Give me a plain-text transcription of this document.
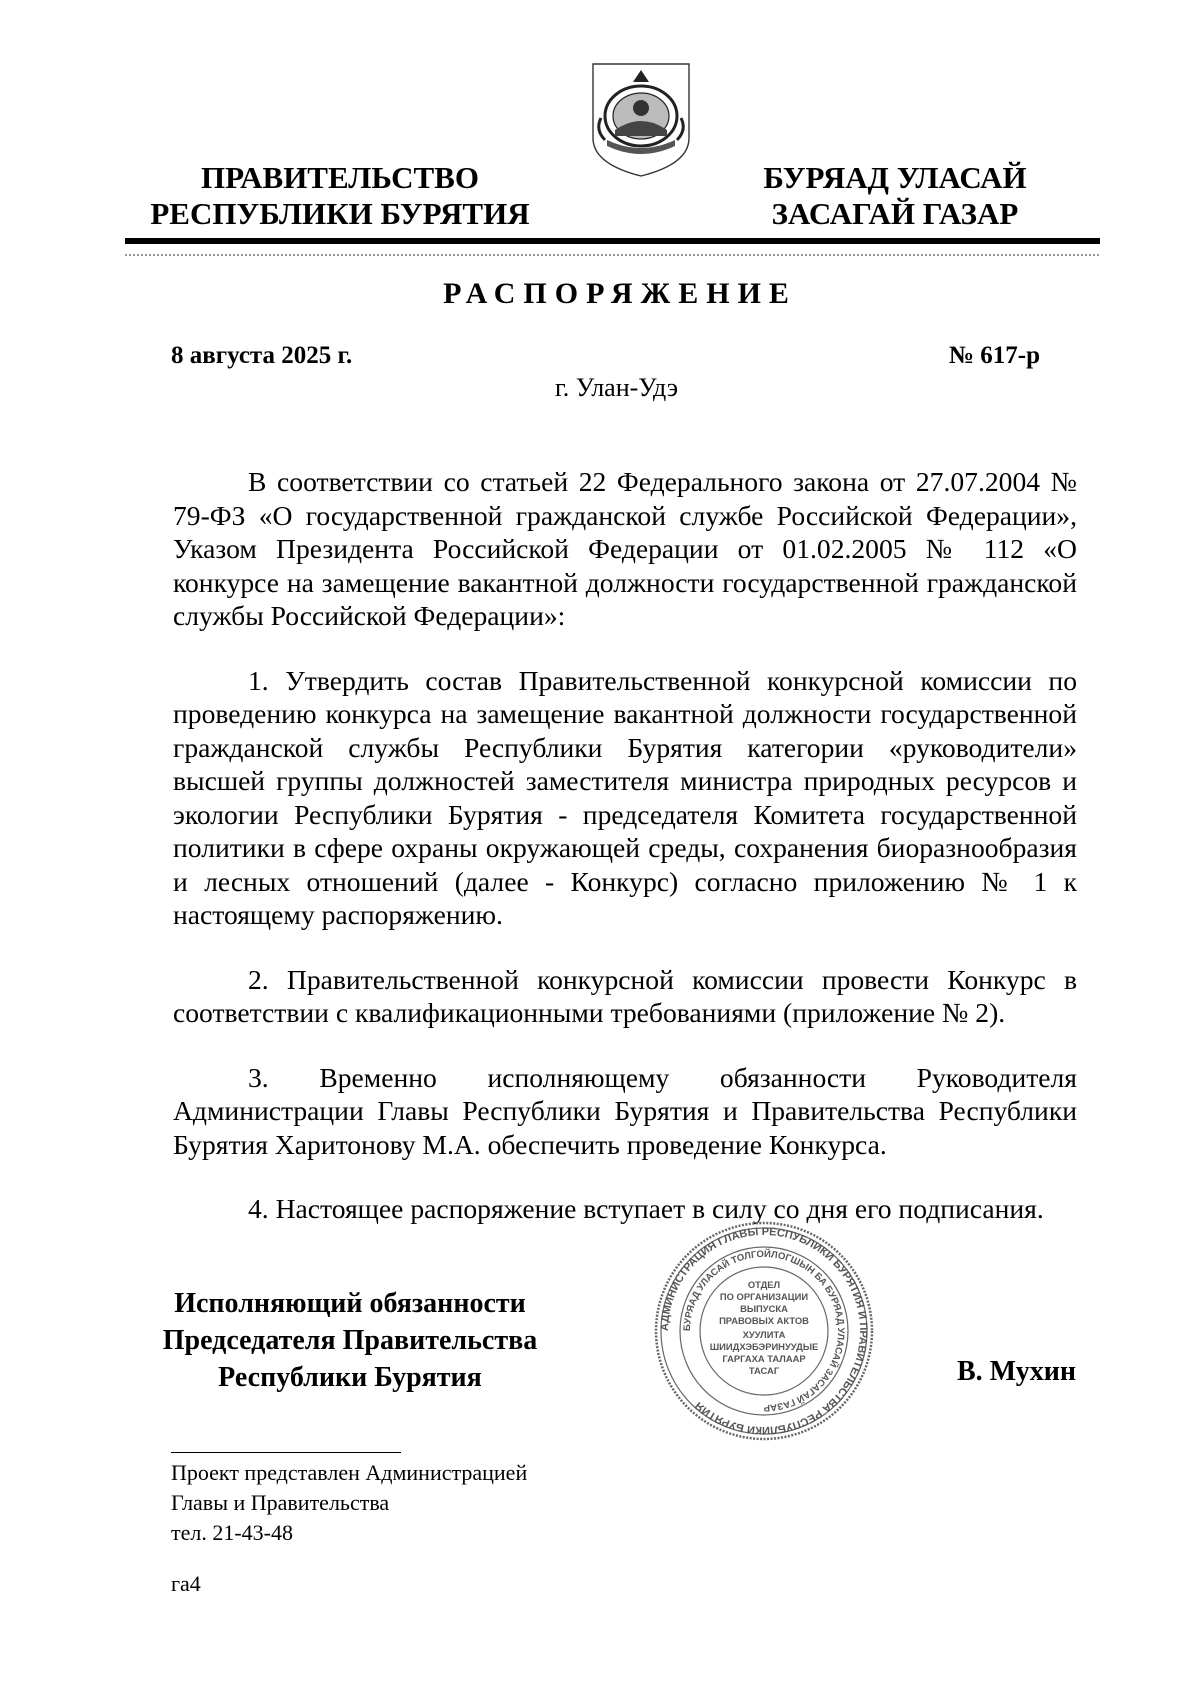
ПРАВИТЕЛЬСТВО
РЕСПУБЛИКИ БУРЯТИЯ
БУРЯАД УЛАСАЙ
ЗАСАГАЙ ГАЗАР
РАСПОРЯЖЕНИЕ
8 августа 2025 г.	№ 617-р
г. Улан-Удэ

В соответствии со статьей 22 Федерального закона от 27.07.2004 № 79-ФЗ «О государственной гражданской службе Российской Федерации», Указом Президента Российской Федерации от 01.02.2005 № 112 «О конкурсе на замещение вакантной должности государственной гражданской службы Российской Федерации»:

1. Утвердить состав Правительственной конкурсной комиссии по проведению конкурса на замещение вакантной должности государственной гражданской службы Республики Бурятия категории «руководители» высшей группы должностей заместителя министра природных ресурсов и экологии Республики Бурятия - председателя Комитета государственной политики в сфере охраны окружающей среды, сохранения биоразнообразия и лесных отношений (далее - Конкурс) согласно приложению № 1 к настоящему распоряжению.

2. Правительственной конкурсной комиссии провести Конкурс в соответствии с квалификационными требованиями (приложение № 2).

3. Временно исполняющему обязанности Руководителя Администрации Главы Республики Бурятия и Правительства Республики Бурятия Харитонову М.А. обеспечить проведение Конкурса.

4. Настоящее распоряжение вступает в силу со дня его подписания.

Исполняющий обязанности
Председателя Правительства
Республики Бурятия
АДМИНИСТРАЦИЯ ГЛАВЫ РЕСПУБЛИКИ БУРЯТИЯ И ПРАВИТЕЛЬСТВА РЕСПУБЛИКИ БУРЯТИЯ
БУРЯАД УЛАСАЙ ТОЛГОЙЛОГШЫН БА БУРЯАД УЛАСАЙ ЗАСАГАЙ ГАЗАР
ОТДЕЛ
ПО ОРГАНИЗАЦИИ
ВЫПУСКА
ПРАВОВЫХ АКТОВ
ХУУЛИТА
ШИИДХЭБЭРИНУУДЫЕ
ГАРГАХА ТАЛААР
ТАСАГ	В. Мухин
Проект представлен Администрацией
Главы и Правительства
тел. 21-43-48
га4
